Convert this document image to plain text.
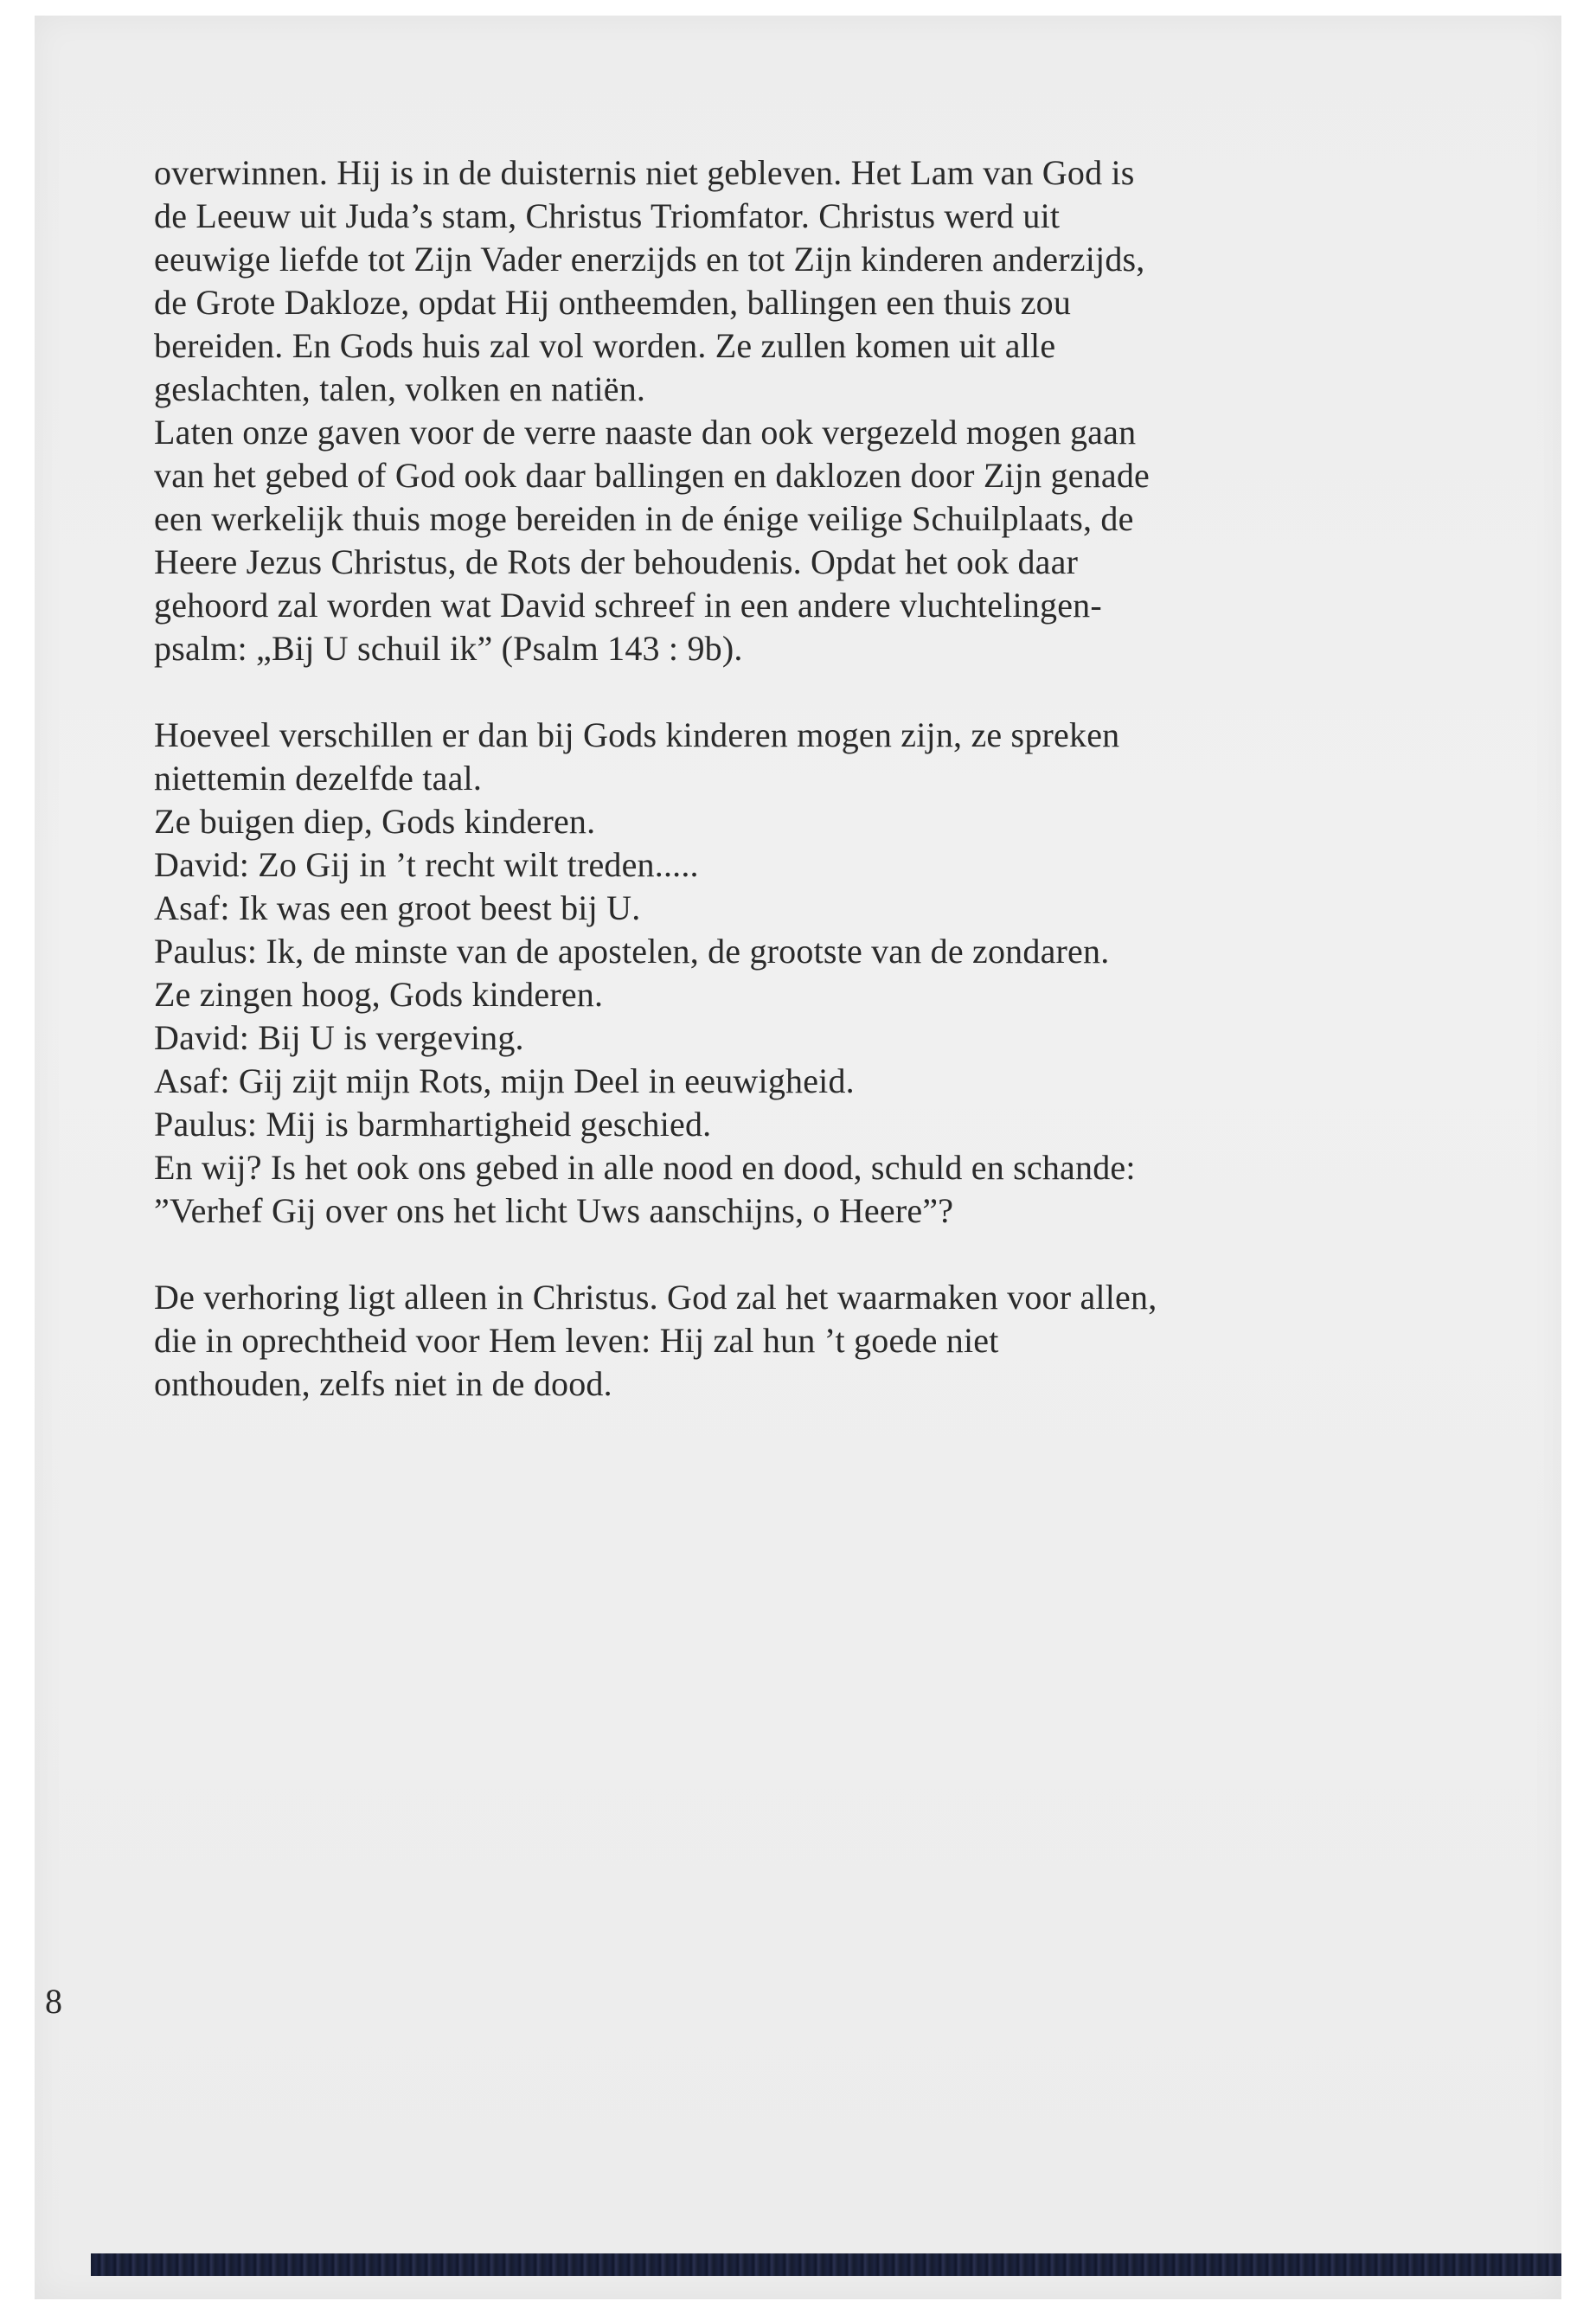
overwinnen. Hij is in de duisternis niet gebleven. Het Lam van God is

de Leeuw uit Juda’s stam, Christus Triomfator. Christus werd uit

eeuwige liefde tot Zijn Vader enerzijds en tot Zijn kinderen anderzijds,

de Grote Dakloze, opdat Hij ontheemden, ballingen een thuis zou

bereiden. En Gods huis zal vol worden. Ze zullen komen uit alle

geslachten, talen, volken en natiën.

Laten onze gaven voor de verre naaste dan ook vergezeld mogen gaan

van het gebed of God ook daar ballingen en daklozen door Zijn genade

een werkelijk thuis moge bereiden in de énige veilige Schuilplaats, de

Heere Jezus Christus, de Rots der behoudenis. Opdat het ook daar

gehoord zal worden wat David schreef in een andere vluchtelingen-

psalm: „Bij U schuil ik” (Psalm 143 : 9b).

Hoeveel verschillen er dan bij Gods kinderen mogen zijn, ze spreken

niettemin dezelfde taal.

Ze buigen diep, Gods kinderen.

David: Zo Gij in ’t recht wilt treden.....

Asaf: Ik was een groot beest bij U.

Paulus: Ik, de minste van de apostelen, de grootste van de zondaren.

Ze zingen hoog, Gods kinderen.

David: Bij U is vergeving.

Asaf: Gij zijt mijn Rots, mijn Deel in eeuwigheid.

Paulus: Mij is barmhartigheid geschied.

En wij? Is het ook ons gebed in alle nood en dood, schuld en schande:

”Verhef Gij over ons het licht Uws aanschijns, o Heere”?

De verhoring ligt alleen in Christus. God zal het waarmaken voor allen,

die in oprechtheid voor Hem leven: Hij zal hun ’t goede niet

onthouden, zelfs niet in de dood.

8
